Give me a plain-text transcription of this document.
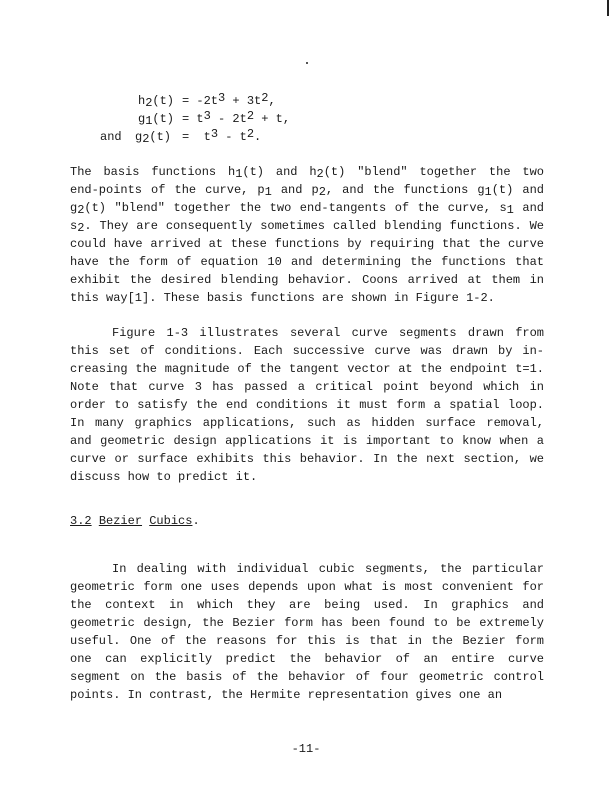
h2(t) = -2t3 + 3t2,
g1(t) = t3 - 2t2 + t,
and g2(t) =  t3 - t2.
The basis functions h1(t) and h2(t) "blend" together the two
end-points of the curve, p1 and p2, and the functions g1(t) and
g2(t) "blend" together the two end-tangents of the curve, s1 and
s2. They are consequently sometimes called blending functions. We
could have arrived at these functions by requiring that the curve
have the form of equation 10 and determining the functions that
exhibit the desired blending behavior. Coons arrived at them in
this way[1]. These basis functions are shown in Figure 1-2.
Figure 1-3 illustrates several curve segments drawn from
this set of conditions. Each successive curve was drawn by in-
creasing the magnitude of the tangent vector at the endpoint t=1.
Note that curve 3 has passed a critical point beyond which in
order to satisfy the end conditions it must form a spatial loop.
In many graphics applications, such as hidden surface removal,
and geometric design applications it is important to know when a
curve or surface exhibits this behavior. In the next section, we
discuss how to predict it.
In dealing with individual cubic segments, the particular
geometric form one uses depends upon what is most convenient for
the context in which they are being used. In graphics and
geometric design, the Bezier form has been found to be extremely
useful. One of the reasons for this is that in the Bezier form
one can explicitly predict the behavior of an entire curve
segment on the basis of the behavior of four geometric control
points. In contrast, the Hermite representation gives one an
3.2 Bezier Cubics.
-11-
